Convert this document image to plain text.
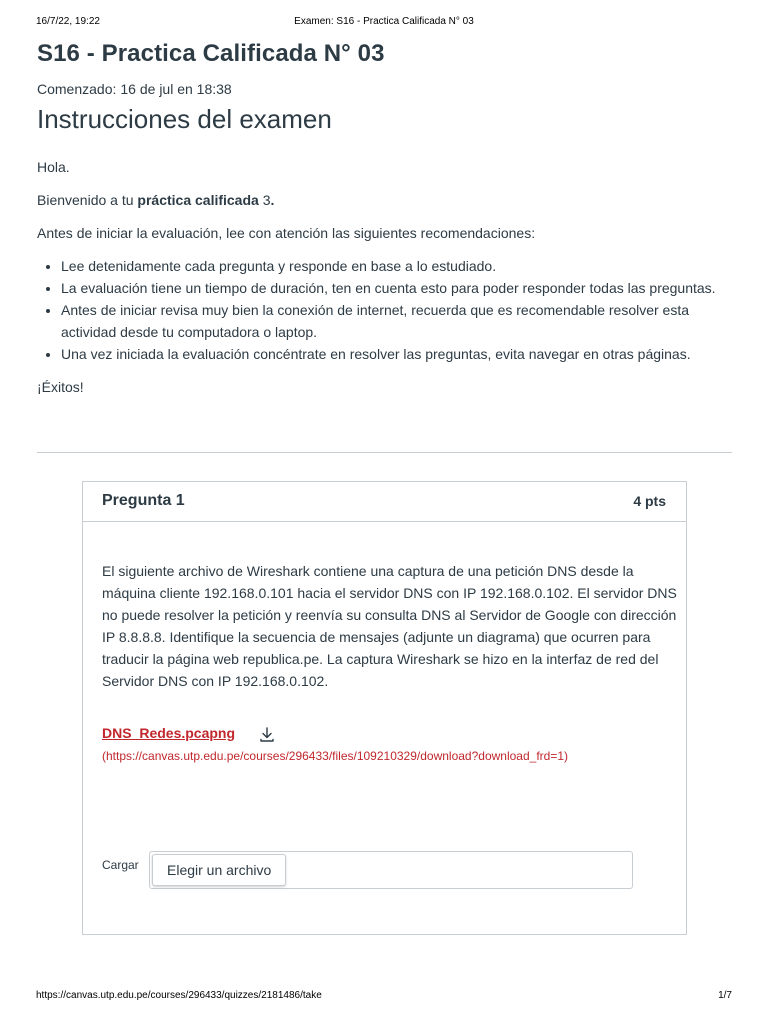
16/7/22, 19:22	Examen: S16 - Practica Calificada N° 03
S16 - Practica Calificada N° 03
Comenzado: 16 de jul en 18:38
Instrucciones del examen

Hola.

Bienvenido a tu práctica calificada 3.

Antes de iniciar la evaluación, lee con atención las siguientes recomendaciones:

• Lee detenidamente cada pregunta y responde en base a lo estudiado.
• La evaluación tiene un tiempo de duración, ten en cuenta esto para poder responder todas las preguntas.
• Antes de iniciar revisa muy bien la conexión de internet, recuerda que es recomendable resolver esta actividad desde tu computadora o laptop.
• Una vez iniciada la evaluación concéntrate en resolver las preguntas, evita navegar en otras páginas.

¡Éxitos!

Pregunta 1	4 pts
El siguiente archivo de Wireshark contiene una captura de una petición DNS desde la máquina cliente 192.168.0.101 hacia el servidor DNS con IP 192.168.0.102. El servidor DNS no puede resolver la petición y reenvía su consulta DNS al Servidor de Google con dirección IP 8.8.8.8. Identifique la secuencia de mensajes (adjunte un diagrama) que ocurren para traducir la página web republica.pe. La captura Wireshark se hizo en la interfaz de red del Servidor DNS con IP 192.168.0.102.
DNS_Redes.pcapng
(https://canvas.utp.edu.pe/courses/296433/files/109210329/download?download_frd=1)
Cargar	Elegir un archivo
https://canvas.utp.edu.pe/courses/296433/quizzes/2181486/take	1/7
